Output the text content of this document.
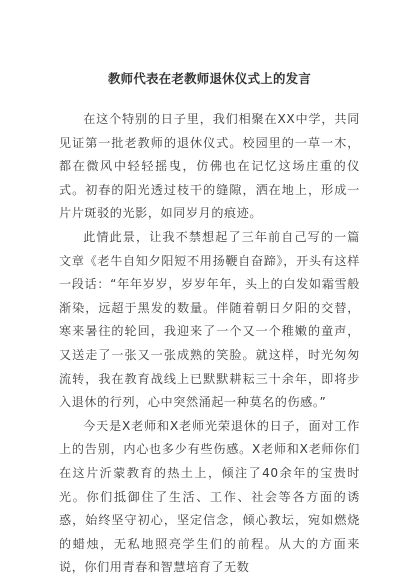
教师代表在老教师退休仪式上的发言

在这个特别的日子里，我们相聚在XX中学，共同见证第一批老教师的退休仪式。校园里的一草一木，都在微风中轻轻摇曳，仿佛也在记忆这场庄重的仪式。初春的阳光透过枝干的缝隙，洒在地上，形成一片片斑驳的光影，如同岁月的痕迹。

此情此景，让我不禁想起了三年前自己写的一篇文章《老牛自知夕阳短不用扬鞭自奋蹄》，开头有这样一段话：“年年岁岁，岁岁年年，头上的白发如霜雪般渐染，远超于黑发的数量。伴随着朝日夕阳的交替，寒来暑往的轮回，我迎来了一个又一个稚嫩的童声，又送走了一张又一张成熟的笑脸。就这样，时光匆匆流转，我在教育战线上已默默耕耘三十余年，即将步入退休的行列，心中突然涌起一种莫名的伤感。”

今天是X老师和X老师光荣退休的日子，面对工作上的告别，内心也多少有些伤感。X老师和X老师你们在这片沂蒙教育的热土上，倾注了40余年的宝贵时光。你们抵御住了生活、工作、社会等各方面的诱惑，始终坚守初心，坚定信念，倾心教坛，宛如燃烧的蜡烛，无私地照亮学生们的前程。从大的方面来说，你们用青春和智慧培育了无数
